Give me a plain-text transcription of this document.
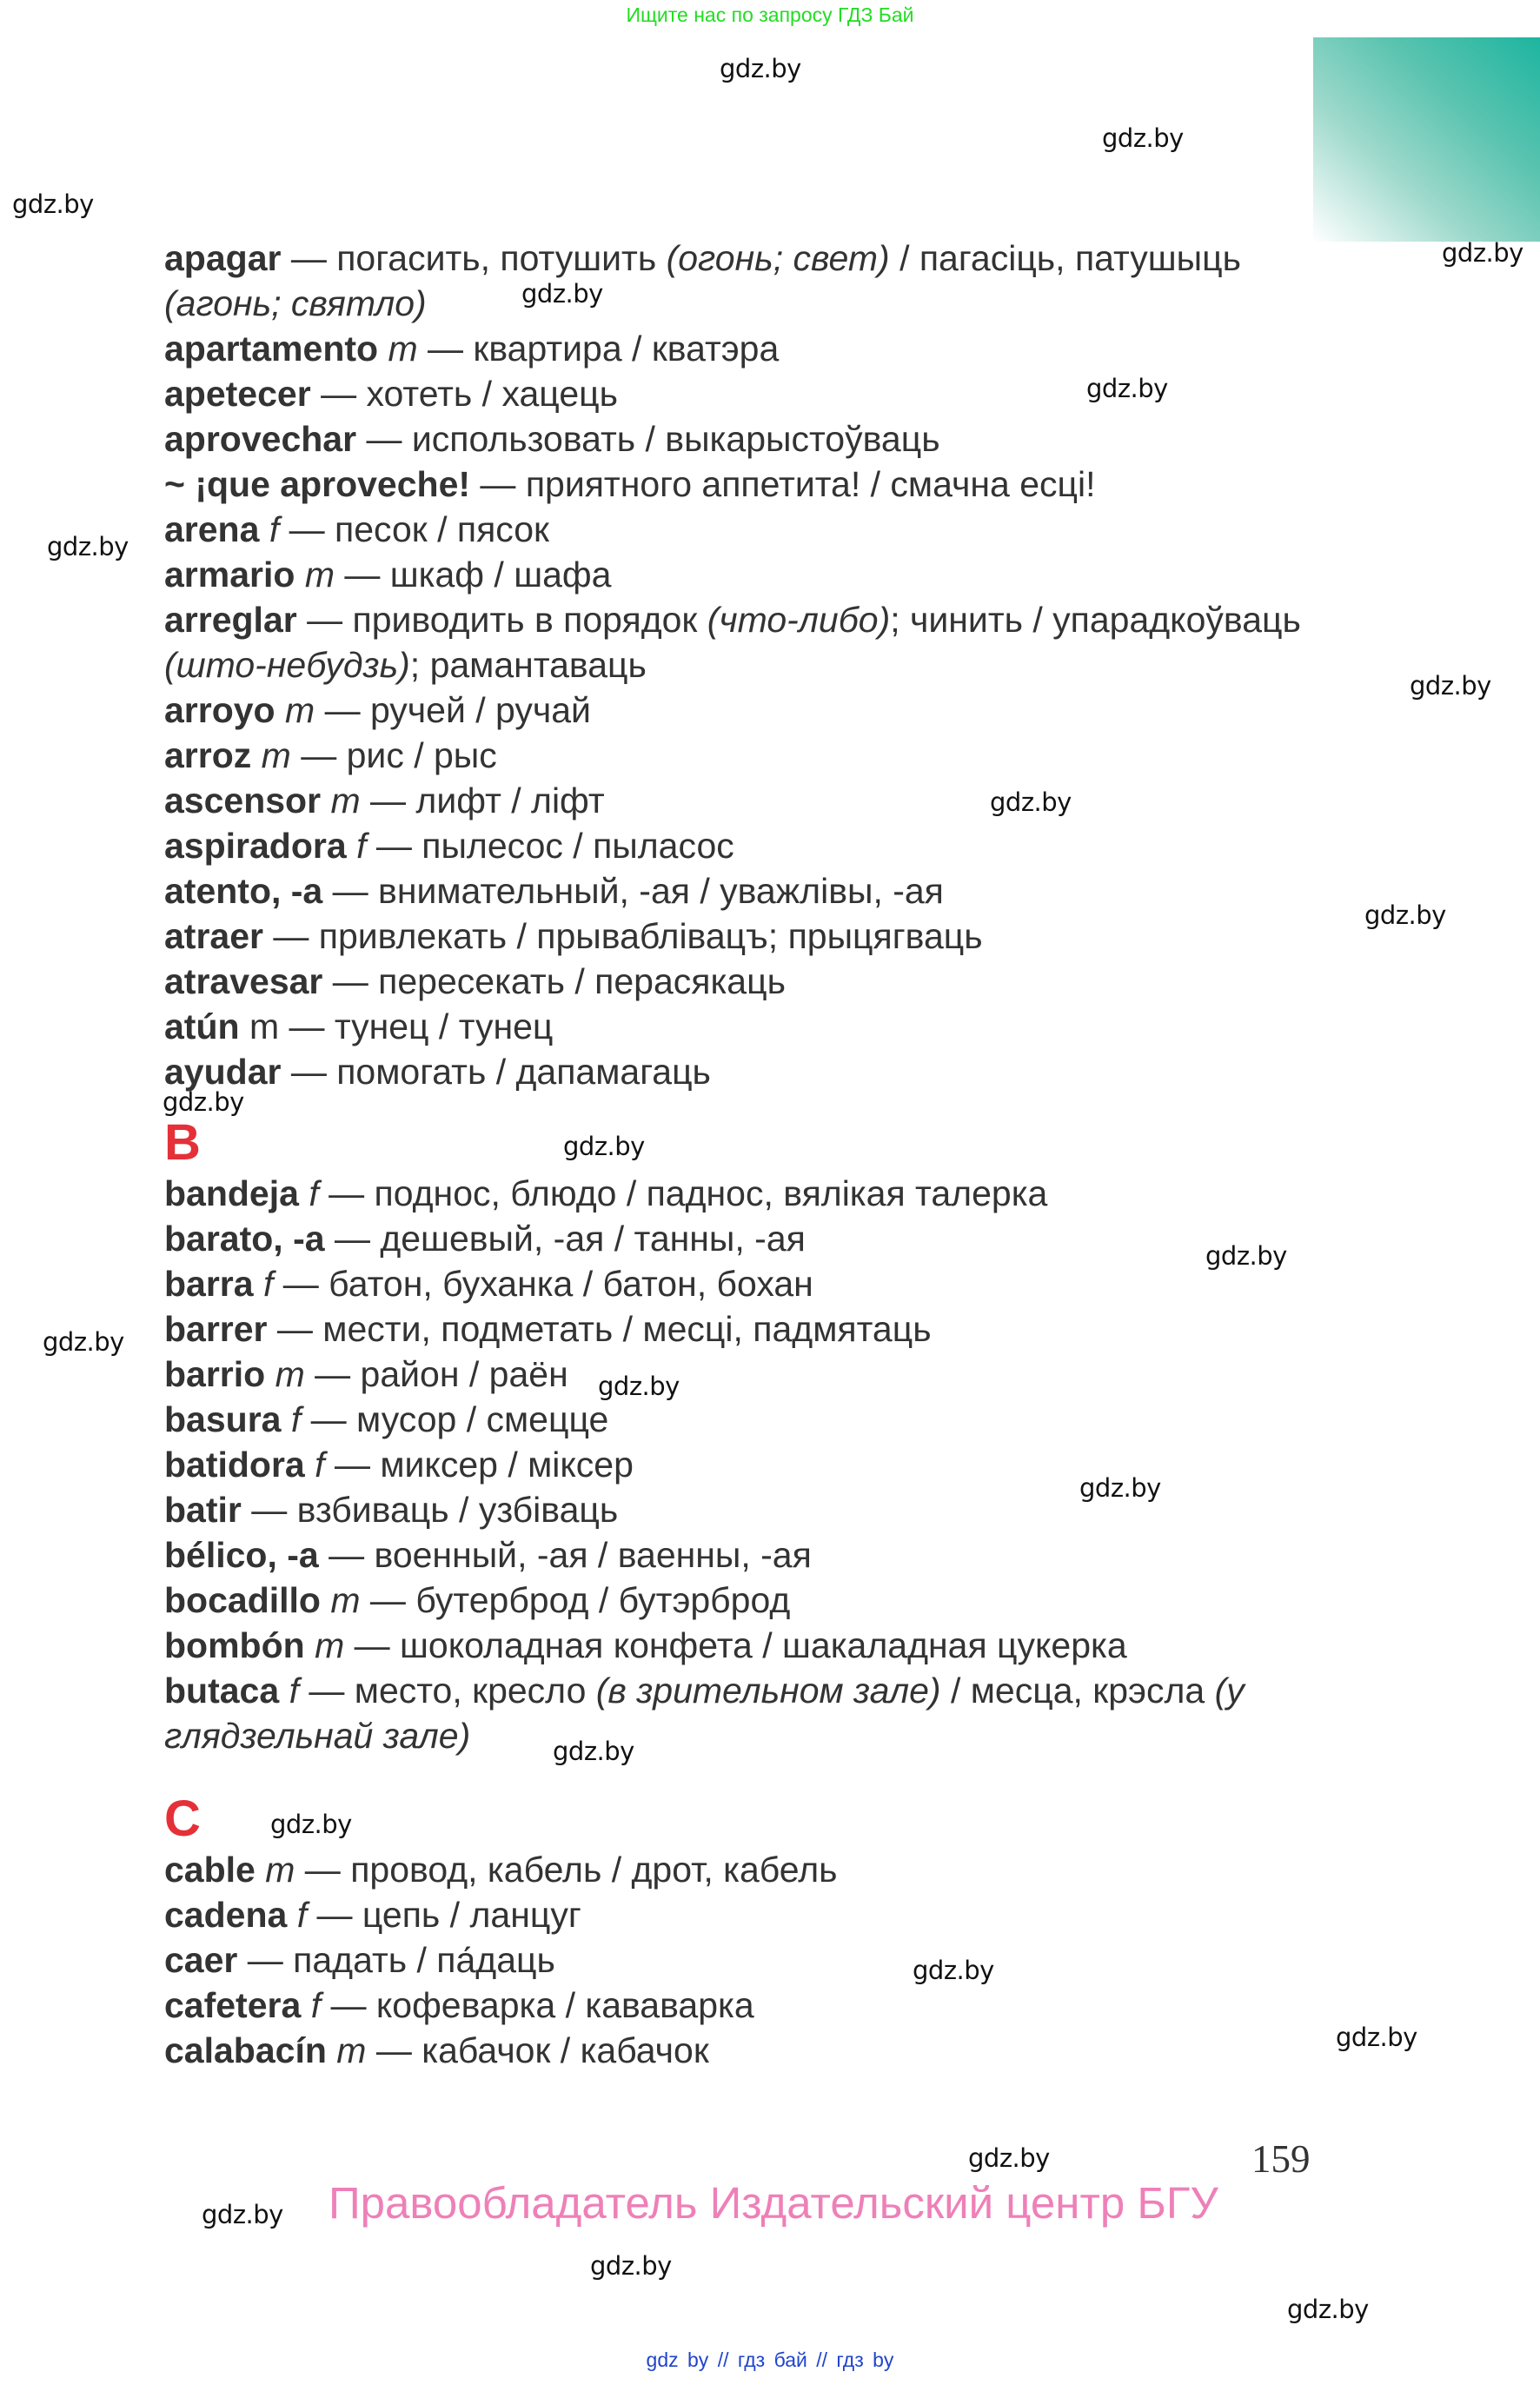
Ищите нас по запросу ГДЗ Бай
gdz.by
gdz.by
gdz.by
gdz.by
gdz.by
gdz.by
gdz.by
gdz.by
gdz.by
gdz.by
gdz.by
gdz.by
gdz.by
gdz.by
gdz.by
gdz.by
gdz.by
gdz.by
gdz.by
gdz.by
gdz.by
gdz.by
gdz.by
gdz.by
apagar — погасить, потушить (огонь; свет) / пагасіць, патушыць (агонь; святло)
apartamento m — квартира / кватэра
apetecer — хотеть / хацець
aprovechar — использовать / выкарыстоўваць
~ ¡que aproveche! — приятного аппетита! / смачна есці!
arena f — песок / пясок
armario m — шкаф / шафа
arreglar — приводить в порядок (что-либо); чинить / упарадкоўваць (што-небудзь); рамантаваць
arroyo m — ручей / ручай
arroz m — рис / рыс
ascensor m — лифт / ліфт
aspiradora f — пылесос / пыласос
atento, -a — внимательный, -ая / уважлівы, -ая
atraer — привлекать / прываблівацъ; прыцягваць
atravesar — пересекать / перасякаць
atún m — тунец / тунец
ayudar — помогать / дапамагаць
B
bandeja f — поднос, блюдо / паднос, вялікая талерка
barato, -a — дешевый, -ая / танны, -ая
barra f — батон, буханка / батон, бохан
barrer — мести, подметать / месці, падмятаць
barrio m — район / раён
basura f — мусор / смецце
batidora f — миксер / міксер
batir — взбиваць / узбіваць
bélico, -a — военный, -ая / ваенны, -ая
bocadillo m — бутерброд / бутэрброд
bombón m — шоколадная конфета / шакаладная цукерка
butaca f — место, кресло (в зрительном зале) / месца, крэсла (у глядзельнай зале)
C
cable m — провод, кабель / дрот, кабель
cadena f — цепь / ланцуг
caer — падать / па́даць
cafetera f — кофеварка / кававарка
calabacín m — кабачок / кабачок
159
Правообладатель Издательский центр БГУ
gdz by // гдз бай // гдз by
